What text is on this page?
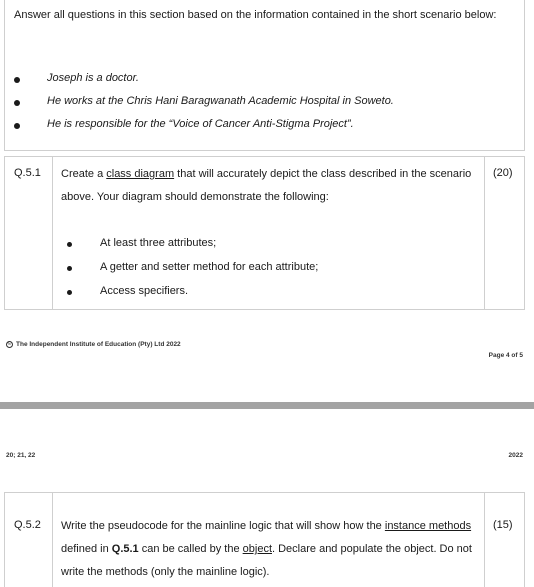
Answer all questions in this section based on the information contained in the short scenario below:
Joseph is a doctor.
He works at the Chris Hani Baragwanath Academic Hospital in Soweto.
He is responsible for the “Voice of Cancer Anti-Stigma Project”.
Q.5.1 Create a class diagram that will accurately depict the class described in the scenario above. Your diagram should demonstrate the following:
At least three attributes;
A getter and setter method for each attribute;
Access specifiers.
(20)
© The Independent Institute of Education (Pty) Ltd 2022
Page 4 of 5
20; 21, 22	2022
Q.5.2 Write the pseudocode for the mainline logic that will show how the instance methods defined in Q.5.1 can be called by the object. Declare and populate the object. Do not write the methods (only the mainline logic).
(15)
